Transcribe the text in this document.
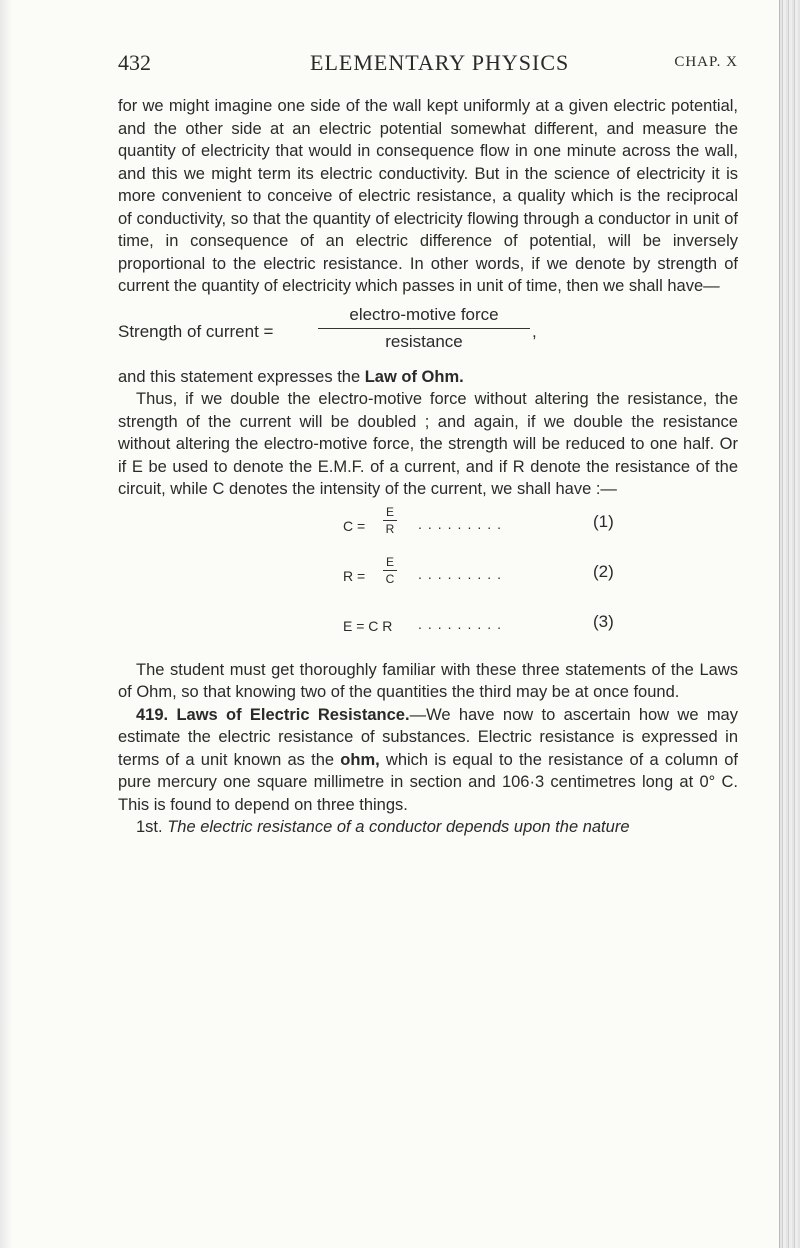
432	ELEMENTARY PHYSICS	CHAP. X

for we might imagine one side of the wall kept uniformly at a given electric potential, and the other side at an electric potential somewhat different, and measure the quantity of electricity that would in consequence flow in one minute across the wall, and this we might term its electric conductivity. But in the science of electricity it is more convenient to conceive of electric resistance, a quality which is the reciprocal of conductivity, so that the quantity of electricity flowing through a conductor in unit of time, in consequence of an electric difference of potential, will be inversely proportional to the electric resistance. In other words, if we denote by strength of current the quantity of electricity which passes in unit of time, then we shall have—

Strength of current =
electro-motive force
resistance
,

and this statement expresses the Law of Ohm.

Thus, if we double the electro-motive force without altering the resistance, the strength of the current will be doubled ; and again, if we double the resistance without altering the electro-motive force, the strength will be reduced to one half. Or if E be used to denote the E.M.F. of a current, and if R denote the resistance of the circuit, while C denotes the intensity of the current, we shall have :—

C =
E
R	.........	(1)
R =
E
C	.........	(2)
E = C R .........	(3)

The student must get thoroughly familiar with these three statements of the Laws of Ohm, so that knowing two of the quantities the third may be at once found.

419. Laws of Electric Resistance.—We have now to ascertain how we may estimate the electric resistance of substances. Electric resistance is expressed in terms of a unit known as the ohm, which is equal to the resistance of a column of pure mercury one square millimetre in section and 106·3 centimetres long at 0° C. This is found to depend on three things.

1st. The electric resistance of a conductor depends upon the nature
